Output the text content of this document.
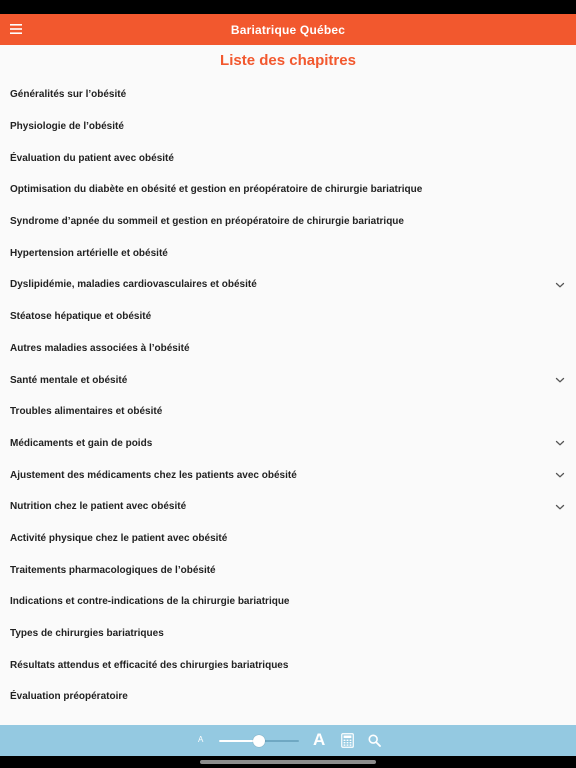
Bariatrique Québec
Liste des chapitres
Généralités sur l’obésité
Physiologie de l’obésité
Évaluation du patient avec obésité
Optimisation du diabète en obésité et gestion en préopératoire de chirurgie bariatrique
Syndrome d’apnée du sommeil et gestion en préopératoire de chirurgie bariatrique
Hypertension artérielle et obésité
Dyslipidémie, maladies cardiovasculaires et obésité
Stéatose hépatique et obésité
Autres maladies associées à l’obésité
Santé mentale et obésité
Troubles alimentaires et obésité
Médicaments et gain de poids
Ajustement des médicaments chez les patients avec obésité
Nutrition chez le patient avec obésité
Activité physique chez le patient avec obésité
Traitements pharmacologiques de l’obésité
Indications et contre-indications de la chirurgie bariatrique
Types de chirurgies bariatriques
Résultats attendus et efficacité des chirurgies bariatriques
Évaluation préopératoire
A	A
